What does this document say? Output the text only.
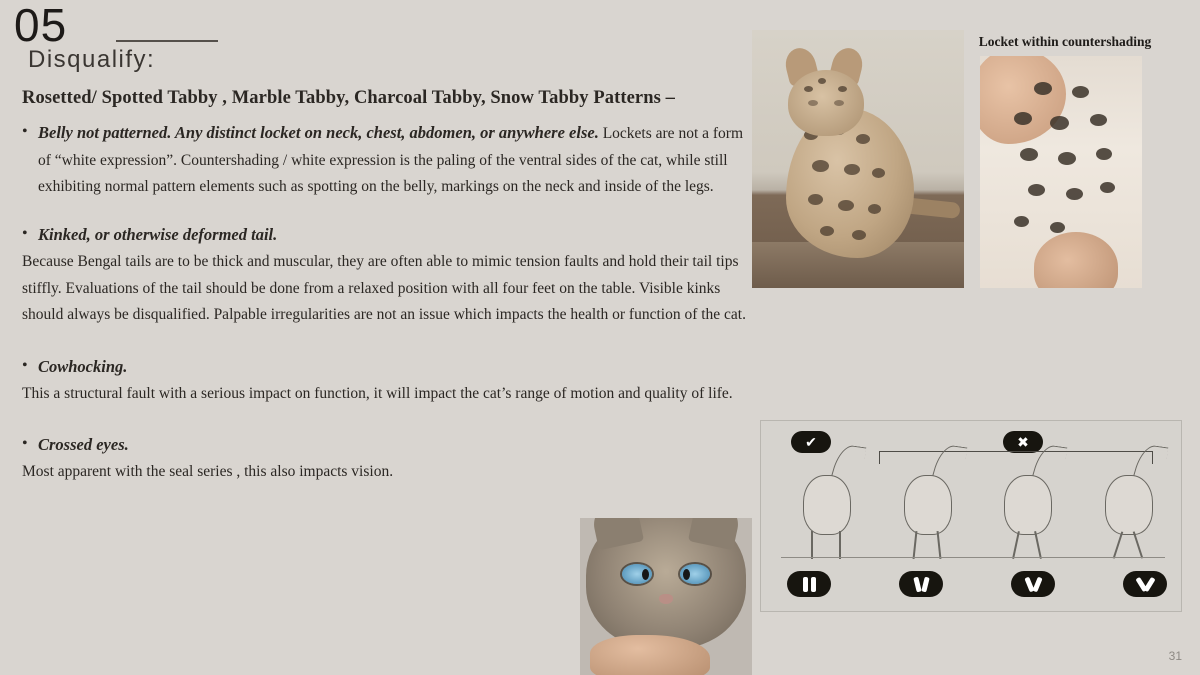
05
Disqualify:

Rosetted/ Spotted Tabby , Marble Tabby, Charcoal Tabby, Snow Tabby Patterns –

• Belly not patterned. Any distinct locket on neck, chest, abdomen, or anywhere else. Lockets are not a form of “white expression”. Countershading / white expression is the paling of the ventral sides of the cat, while still exhibiting normal pattern elements such as spotting on the belly, markings on the neck and inside of the legs.
• Kinked, or otherwise deformed tail.

Because Bengal tails are to be thick and muscular, they are often able to mimic tension faults and hold their tail tips stiffly. Evaluations of the tail should be done from a relaxed position with all four feet on the table. Visible kinks should always be disqualified. Palpable irregularities are not an issue which impacts the health or function of the cat.

• Cowhocking.

This a structural fault with a serious impact on function, it will impact the cat’s range of motion and quality of life.

• Crossed eyes.

Most apparent with the seal series , this also impacts vision.

Locket within countershading
✔	✖
31
